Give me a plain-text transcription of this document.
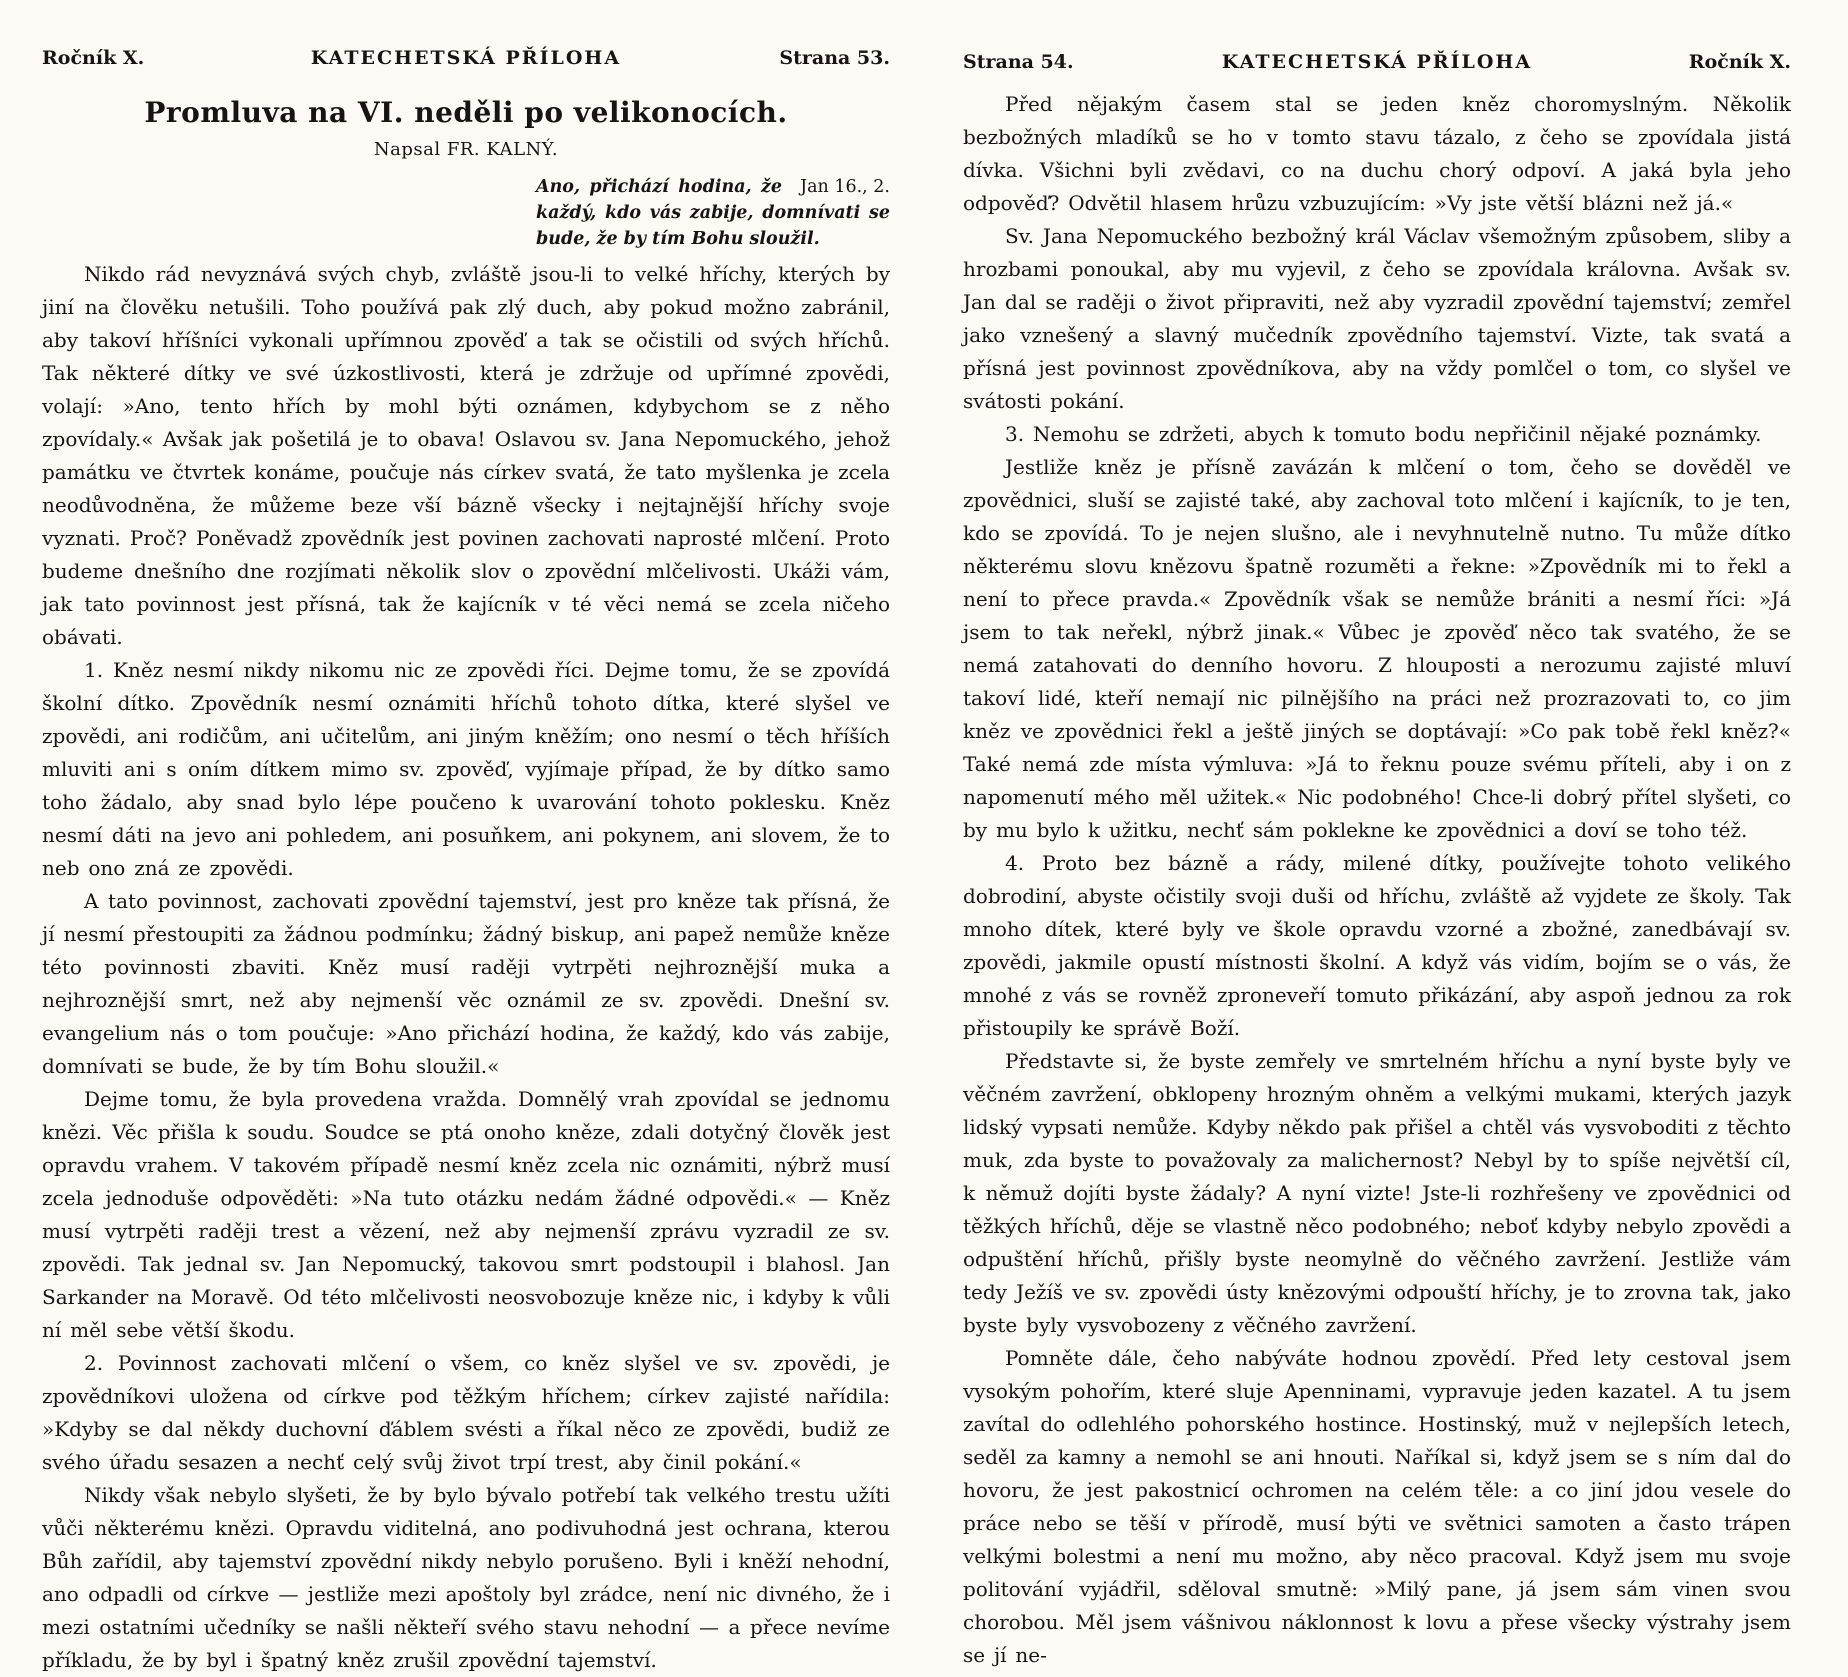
Ročník X.	KATECHETSKÁ PŘÍLOHA	Strana 53.
Promluva na VI. neděli po velikonocích.
Napsal FR. KALNÝ.
Jan 16., 2.
Ano, přichází hodina, že každý, kdo vás zabije, domnívati se bude, že by tím Bohu sloužil.

Nikdo rád nevyznává svých chyb, zvláště jsou-li to velké hříchy, kterých by jiní na člověku netušili. Toho používá pak zlý duch, aby pokud možno zabránil, aby takoví hříšníci vykonali upřímnou zpověď a tak se očistili od svých hříchů. Tak některé dítky ve své úzkostlivosti, která je zdržuje od upřímné zpovědi, volají: »Ano, tento hřích by mohl býti oznámen, kdybychom se z něho zpovídaly.« Avšak jak pošetilá je to obava! Oslavou sv. Jana Nepomuckého, jehož památku ve čtvrtek konáme, poučuje nás církev svatá, že tato myšlenka je zcela neodůvodněna, že můžeme beze vší bázně všecky i nejtajnější hříchy svoje vyznati. Proč? Poněvadž zpovědník jest povinen zachovati naprosté mlčení. Proto budeme dnešního dne rozjímati několik slov o zpovědní mlčelivosti. Ukáži vám, jak tato povinnost jest přísná, tak že kajícník v té věci nemá se zcela ničeho obávati.

1. Kněz nesmí nikdy nikomu nic ze zpovědi říci. Dejme tomu, že se zpovídá školní dítko. Zpovědník nesmí oznámiti hříchů tohoto dítka, které slyšel ve zpovědi, ani rodičům, ani učitelům, ani jiným kněžím; ono nesmí o těch hříších mluviti ani s oním dítkem mimo sv. zpověď, vyjímaje případ, že by dítko samo toho žádalo, aby snad bylo lépe poučeno k uvarování tohoto poklesku. Kněz nesmí dáti na jevo ani pohledem, ani posuňkem, ani pokynem, ani slovem, že to neb ono zná ze zpovědi.

A tato povinnost, zachovati zpovědní tajemství, jest pro kněze tak přísná, že jí nesmí přestoupiti za žádnou podmínku; žádný biskup, ani papež nemůže kněze této povinnosti zbaviti. Kněz musí raději vytrpěti nejhroznější muka a nejhroznější smrt, než aby nejmenší věc oznámil ze sv. zpovědi. Dnešní sv. evangelium nás o tom poučuje: »Ano přichází hodina, že každý, kdo vás zabije, domnívati se bude, že by tím Bohu sloužil.«

Dejme tomu, že byla provedena vražda. Domnělý vrah zpovídal se jednomu knězi. Věc přišla k soudu. Soudce se ptá onoho kněze, zdali dotyčný člověk jest opravdu vrahem. V takovém případě nesmí kněz zcela nic oznámiti, nýbrž musí zcela jednoduše odpověděti: »Na tuto otázku nedám žádné odpovědi.« — Kněz musí vytrpěti raději trest a vězení, než aby nejmenší zprávu vyzradil ze sv. zpovědi. Tak jednal sv. Jan Nepomucký, takovou smrt podstoupil i blahosl. Jan Sarkander na Moravě. Od této mlčelivosti neosvobozuje kněze nic, i kdyby k vůli ní měl sebe větší škodu.

2. Povinnost zachovati mlčení o všem, co kněz slyšel ve sv. zpovědi, je zpovědníkovi uložena od církve pod těžkým hříchem; církev zajisté nařídila: »Kdyby se dal někdy duchovní ďáblem svésti a říkal něco ze zpovědi, budiž ze svého úřadu sesazen a nechť celý svůj život trpí trest, aby činil pokání.«

Nikdy však nebylo slyšeti, že by bylo bývalo potřebí tak velkého trestu užíti vůči některému knězi. Opravdu viditelná, ano podivuhodná jest ochrana, kterou Bůh zařídil, aby tajemství zpovědní nikdy nebylo porušeno. Byli i kněží nehodní, ano odpadli od církve — jestliže mezi apoštoly byl zrádce, není nic divného, že i mezi ostatními učedníky se našli někteří svého stavu nehodní — a přece nevíme příkladu, že by byl i špatný kněz zrušil zpovědní tajemství.

Strana 54.	KATECHETSKÁ PŘÍLOHA	Ročník X.

Před nějakým časem stal se jeden kněz choromyslným. Několik bezbožných mladíků se ho v tomto stavu tázalo, z čeho se zpovídala jistá dívka. Všichni byli zvědavi, co na duchu chorý odpoví. A jaká byla jeho odpověď? Odvětil hlasem hrůzu vzbuzujícím: »Vy jste větší blázni než já.«

Sv. Jana Nepomuckého bezbožný král Václav všemožným způsobem, sliby a hrozbami ponoukal, aby mu vyjevil, z čeho se zpovídala královna. Avšak sv. Jan dal se raději o život připraviti, než aby vyzradil zpovědní tajemství; zemřel jako vznešený a slavný mučedník zpovědního tajemství. Vizte, tak svatá a přísná jest povinnost zpovědníkova, aby na vždy pomlčel o tom, co slyšel ve svátosti pokání.

3. Nemohu se zdržeti, abych k tomuto bodu nepřičinil nějaké poznámky.

Jestliže kněz je přísně zavázán k mlčení o tom, čeho se dověděl ve zpovědnici, sluší se zajisté také, aby zachoval toto mlčení i kajícník, to je ten, kdo se zpovídá. To je nejen slušno, ale i nevyhnutelně nutno. Tu může dítko některému slovu knězovu špatně rozuměti a řekne: »Zpovědník mi to řekl a není to přece pravda.« Zpovědník však se nemůže brániti a nesmí říci: »Já jsem to tak neřekl, nýbrž jinak.« Vůbec je zpověď něco tak svatého, že se nemá zatahovati do denního hovoru. Z hlouposti a nerozumu zajisté mluví takoví lidé, kteří nemají nic pilnějšího na práci než prozrazovati to, co jim kněz ve zpovědnici řekl a ještě jiných se doptávají: »Co pak tobě řekl kněz?« Také nemá zde místa výmluva: »Já to řeknu pouze svému příteli, aby i on z napomenutí mého měl užitek.« Nic podobného! Chce-li dobrý přítel slyšeti, co by mu bylo k užitku, nechť sám poklekne ke zpovědnici a doví se toho též.

4. Proto bez bázně a rády, milené dítky, používejte tohoto velikého dobrodiní, abyste očistily svoji duši od hříchu, zvláště až vyjdete ze školy. Tak mnoho dítek, které byly ve škole opravdu vzorné a zbožné, zanedbávají sv. zpovědi, jakmile opustí místnosti školní. A když vás vidím, bojím se o vás, že mnohé z vás se rovněž zproneveří tomuto přikázání, aby aspoň jednou za rok přistoupily ke správě Boží.

Představte si, že byste zemřely ve smrtelném hříchu a nyní byste byly ve věčném zavržení, obklopeny hrozným ohněm a velkými mukami, kterých jazyk lidský vypsati nemůže. Kdyby někdo pak přišel a chtěl vás vysvoboditi z těchto muk, zda byste to považovaly za malichernost? Nebyl by to spíše největší cíl, k němuž dojíti byste žádaly? A nyní vizte! Jste-li rozhřešeny ve zpovědnici od těžkých hříchů, děje se vlastně něco podobného; neboť kdyby nebylo zpovědi a odpuštění hříchů, přišly byste neomylně do věčného zavržení. Jestliže vám tedy Ježíš ve sv. zpovědi ústy knězovými odpouští hříchy, je to zrovna tak, jako byste byly vysvobozeny z věčného zavržení.

Pomněte dále, čeho nabýváte hodnou zpovědí. Před lety cestoval jsem vysokým pohořím, které sluje Apenninami, vypravuje jeden kazatel. A tu jsem zavítal do odlehlého pohorského hostince. Hostinský, muž v nejlepších letech, seděl za kamny a nemohl se ani hnouti. Naříkal si, když jsem se s ním dal do hovoru, že jest pakostnicí ochromen na celém těle: a co jiní jdou vesele do práce nebo se těší v přírodě, musí býti ve světnici samoten a často trápen velkými bolestmi a není mu možno, aby něco pracoval. Když jsem mu svoje politování vyjádřil, sděloval smutně: »Milý pane, já jsem sám vinen svou chorobou. Měl jsem vášnivou náklonnost k lovu a přese všecky výstrahy jsem se jí ne-
